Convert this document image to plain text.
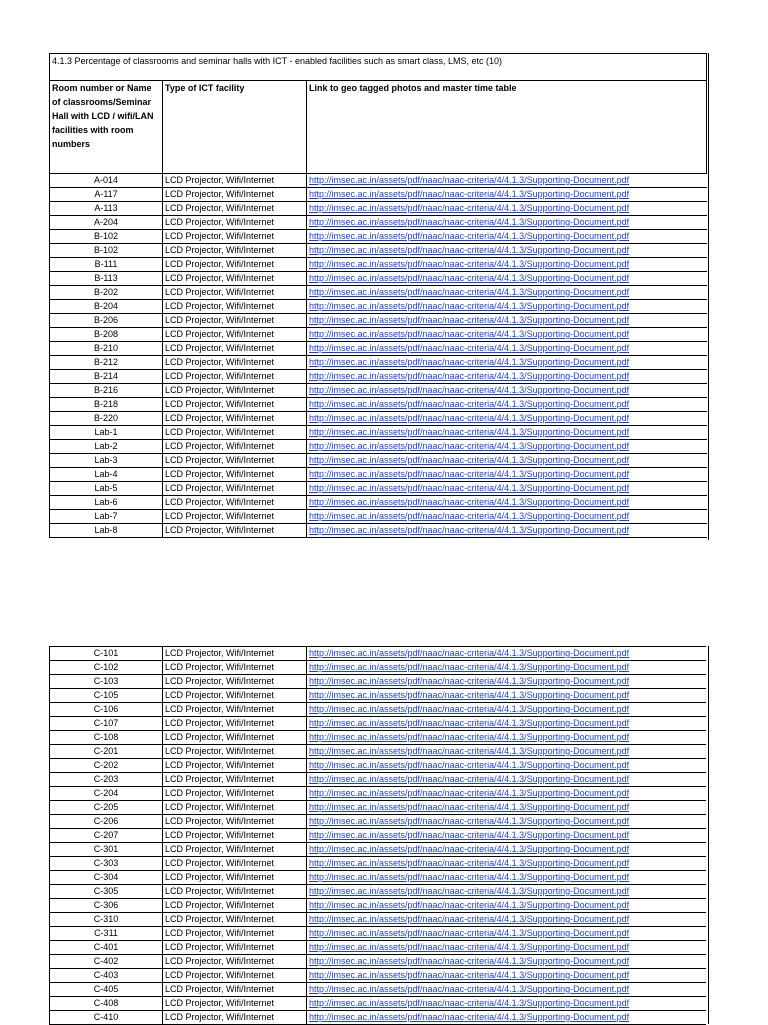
4.1.3 Percentage of classrooms and seminar halls with ICT - enabled facilities such as smart class, LMS, etc (10)		
Room number or Name of classrooms/Seminar Hall with LCD / wifi/LAN facilities with room numbers	Type of ICT facility	Link to geo tagged photos and master time table
A-014	LCD Projector, Wifi/Internet	http://imsec.ac.in/assets/pdf/naac/naac-criteria/4/4.1.3/Supporting-Document.pdf
A-117	LCD Projector, Wifi/Internet	http://imsec.ac.in/assets/pdf/naac/naac-criteria/4/4.1.3/Supporting-Document.pdf
A-113	LCD Projector, Wifi/Internet	http://imsec.ac.in/assets/pdf/naac/naac-criteria/4/4.1.3/Supporting-Document.pdf
A-204	LCD Projector, Wifi/Internet	http://imsec.ac.in/assets/pdf/naac/naac-criteria/4/4.1.3/Supporting-Document.pdf
B-102	LCD Projector, Wifi/Internet	http://imsec.ac.in/assets/pdf/naac/naac-criteria/4/4.1.3/Supporting-Document.pdf
B-102	LCD Projector, Wifi/Internet	http://imsec.ac.in/assets/pdf/naac/naac-criteria/4/4.1.3/Supporting-Document.pdf
B-111	LCD Projector, Wifi/Internet	http://imsec.ac.in/assets/pdf/naac/naac-criteria/4/4.1.3/Supporting-Document.pdf
B-113	LCD Projector, Wifi/Internet	http://imsec.ac.in/assets/pdf/naac/naac-criteria/4/4.1.3/Supporting-Document.pdf
B-202	LCD Projector, Wifi/Internet	http://imsec.ac.in/assets/pdf/naac/naac-criteria/4/4.1.3/Supporting-Document.pdf
B-204	LCD Projector, Wifi/Internet	http://imsec.ac.in/assets/pdf/naac/naac-criteria/4/4.1.3/Supporting-Document.pdf
B-206	LCD Projector, Wifi/Internet	http://imsec.ac.in/assets/pdf/naac/naac-criteria/4/4.1.3/Supporting-Document.pdf
B-208	LCD Projector, Wifi/Internet	http://imsec.ac.in/assets/pdf/naac/naac-criteria/4/4.1.3/Supporting-Document.pdf
B-210	LCD Projector, Wifi/Internet	http://imsec.ac.in/assets/pdf/naac/naac-criteria/4/4.1.3/Supporting-Document.pdf
B-212	LCD Projector, Wifi/Internet	http://imsec.ac.in/assets/pdf/naac/naac-criteria/4/4.1.3/Supporting-Document.pdf
B-214	LCD Projector, Wifi/Internet	http://imsec.ac.in/assets/pdf/naac/naac-criteria/4/4.1.3/Supporting-Document.pdf
B-216	LCD Projector, Wifi/Internet	http://imsec.ac.in/assets/pdf/naac/naac-criteria/4/4.1.3/Supporting-Document.pdf
B-218	LCD Projector, Wifi/Internet	http://imsec.ac.in/assets/pdf/naac/naac-criteria/4/4.1.3/Supporting-Document.pdf
B-220	LCD Projector, Wifi/Internet	http://imsec.ac.in/assets/pdf/naac/naac-criteria/4/4.1.3/Supporting-Document.pdf
Lab-1	LCD Projector, Wifi/Internet	http://imsec.ac.in/assets/pdf/naac/naac-criteria/4/4.1.3/Supporting-Document.pdf
Lab-2	LCD Projector, Wifi/Internet	http://imsec.ac.in/assets/pdf/naac/naac-criteria/4/4.1.3/Supporting-Document.pdf
Lab-3	LCD Projector, Wifi/Internet	http://imsec.ac.in/assets/pdf/naac/naac-criteria/4/4.1.3/Supporting-Document.pdf
Lab-4	LCD Projector, Wifi/Internet	http://imsec.ac.in/assets/pdf/naac/naac-criteria/4/4.1.3/Supporting-Document.pdf
Lab-5	LCD Projector, Wifi/Internet	http://imsec.ac.in/assets/pdf/naac/naac-criteria/4/4.1.3/Supporting-Document.pdf
Lab-6	LCD Projector, Wifi/Internet	http://imsec.ac.in/assets/pdf/naac/naac-criteria/4/4.1.3/Supporting-Document.pdf
Lab-7	LCD Projector, Wifi/Internet	http://imsec.ac.in/assets/pdf/naac/naac-criteria/4/4.1.3/Supporting-Document.pdf
Lab-8	LCD Projector, Wifi/Internet	http://imsec.ac.in/assets/pdf/naac/naac-criteria/4/4.1.3/Supporting-Document.pdf
C-101	LCD Projector, Wifi/Internet	http://imsec.ac.in/assets/pdf/naac/naac-criteria/4/4.1.3/Supporting-Document.pdf
C-102	LCD Projector, Wifi/Internet	http://imsec.ac.in/assets/pdf/naac/naac-criteria/4/4.1.3/Supporting-Document.pdf
C-103	LCD Projector, Wifi/Internet	http://imsec.ac.in/assets/pdf/naac/naac-criteria/4/4.1.3/Supporting-Document.pdf
C-105	LCD Projector, Wifi/Internet	http://imsec.ac.in/assets/pdf/naac/naac-criteria/4/4.1.3/Supporting-Document.pdf
C-106	LCD Projector, Wifi/Internet	http://imsec.ac.in/assets/pdf/naac/naac-criteria/4/4.1.3/Supporting-Document.pdf
C-107	LCD Projector, Wifi/Internet	http://imsec.ac.in/assets/pdf/naac/naac-criteria/4/4.1.3/Supporting-Document.pdf
C-108	LCD Projector, Wifi/Internet	http://imsec.ac.in/assets/pdf/naac/naac-criteria/4/4.1.3/Supporting-Document.pdf
C-201	LCD Projector, Wifi/Internet	http://imsec.ac.in/assets/pdf/naac/naac-criteria/4/4.1.3/Supporting-Document.pdf
C-202	LCD Projector, Wifi/Internet	http://imsec.ac.in/assets/pdf/naac/naac-criteria/4/4.1.3/Supporting-Document.pdf
C-203	LCD Projector, Wifi/Internet	http://imsec.ac.in/assets/pdf/naac/naac-criteria/4/4.1.3/Supporting-Document.pdf
C-204	LCD Projector, Wifi/Internet	http://imsec.ac.in/assets/pdf/naac/naac-criteria/4/4.1.3/Supporting-Document.pdf
C-205	LCD Projector, Wifi/Internet	http://imsec.ac.in/assets/pdf/naac/naac-criteria/4/4.1.3/Supporting-Document.pdf
C-206	LCD Projector, Wifi/Internet	http://imsec.ac.in/assets/pdf/naac/naac-criteria/4/4.1.3/Supporting-Document.pdf
C-207	LCD Projector, Wifi/Internet	http://imsec.ac.in/assets/pdf/naac/naac-criteria/4/4.1.3/Supporting-Document.pdf
C-301	LCD Projector, Wifi/Internet	http://imsec.ac.in/assets/pdf/naac/naac-criteria/4/4.1.3/Supporting-Document.pdf
C-303	LCD Projector, Wifi/Internet	http://imsec.ac.in/assets/pdf/naac/naac-criteria/4/4.1.3/Supporting-Document.pdf
C-304	LCD Projector, Wifi/Internet	http://imsec.ac.in/assets/pdf/naac/naac-criteria/4/4.1.3/Supporting-Document.pdf
C-305	LCD Projector, Wifi/Internet	http://imsec.ac.in/assets/pdf/naac/naac-criteria/4/4.1.3/Supporting-Document.pdf
C-306	LCD Projector, Wifi/Internet	http://imsec.ac.in/assets/pdf/naac/naac-criteria/4/4.1.3/Supporting-Document.pdf
C-310	LCD Projector, Wifi/Internet	http://imsec.ac.in/assets/pdf/naac/naac-criteria/4/4.1.3/Supporting-Document.pdf
C-311	LCD Projector, Wifi/Internet	http://imsec.ac.in/assets/pdf/naac/naac-criteria/4/4.1.3/Supporting-Document.pdf
C-401	LCD Projector, Wifi/Internet	http://imsec.ac.in/assets/pdf/naac/naac-criteria/4/4.1.3/Supporting-Document.pdf
C-402	LCD Projector, Wifi/Internet	http://imsec.ac.in/assets/pdf/naac/naac-criteria/4/4.1.3/Supporting-Document.pdf
C-403	LCD Projector, Wifi/Internet	http://imsec.ac.in/assets/pdf/naac/naac-criteria/4/4.1.3/Supporting-Document.pdf
C-405	LCD Projector, Wifi/Internet	http://imsec.ac.in/assets/pdf/naac/naac-criteria/4/4.1.3/Supporting-Document.pdf
C-408	LCD Projector, Wifi/Internet	http://imsec.ac.in/assets/pdf/naac/naac-criteria/4/4.1.3/Supporting-Document.pdf
C-410	LCD Projector, Wifi/Internet	http://imsec.ac.in/assets/pdf/naac/naac-criteria/4/4.1.3/Supporting-Document.pdf
